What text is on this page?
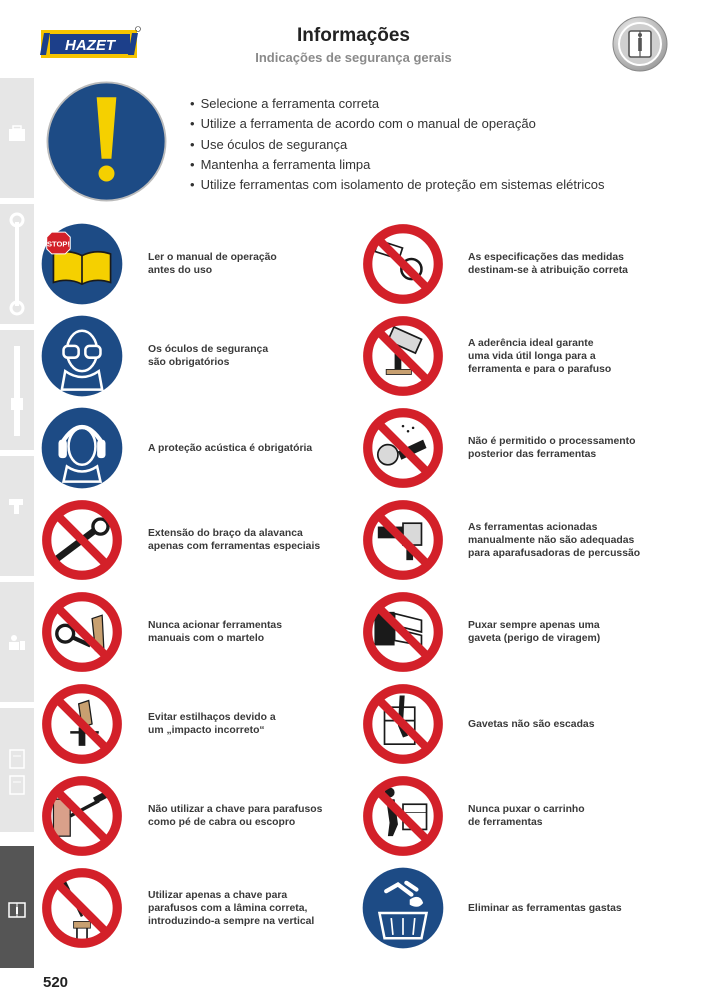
HAZET	Informações
Indicações de segurança gerais
• Selecione a ferramenta correta
• Utilize a ferramenta de acordo com o manual de operação
• Use óculos de segurança
• Mantenha a ferramenta limpa
• Utilize ferramentas com isolamento de proteção em sistemas elétricos
STOP!
Ler o manual de operação
antes do uso
Os óculos de segurança
são obrigatórios
A proteção acústica é obrigatória
Extensão do braço da alavanca
apenas com ferramentas especiais
Nunca acionar ferramentas
manuais com o martelo
Evitar estilhaços devido a
um „impacto incorreto“
Não utilizar a chave para parafusos
como pé de cabra ou escopro
Utilizar apenas a chave para
parafusos com a lâmina correta,
introduzindo-a sempre na vertical
As especificações das medidas
destinam-se à atribuição correta
A aderência ideal garante
uma vida útil longa para a
ferramenta e para o parafuso
Não é permitido o processamento
posterior das ferramentas
As ferramentas acionadas
manualmente não são adequadas
para aparafusadoras de percussão
Puxar sempre apenas uma
gaveta (perigo de viragem)
Gavetas não são escadas
Nunca puxar o carrinho
de ferramentas
Eliminar as ferramentas gastas
520
